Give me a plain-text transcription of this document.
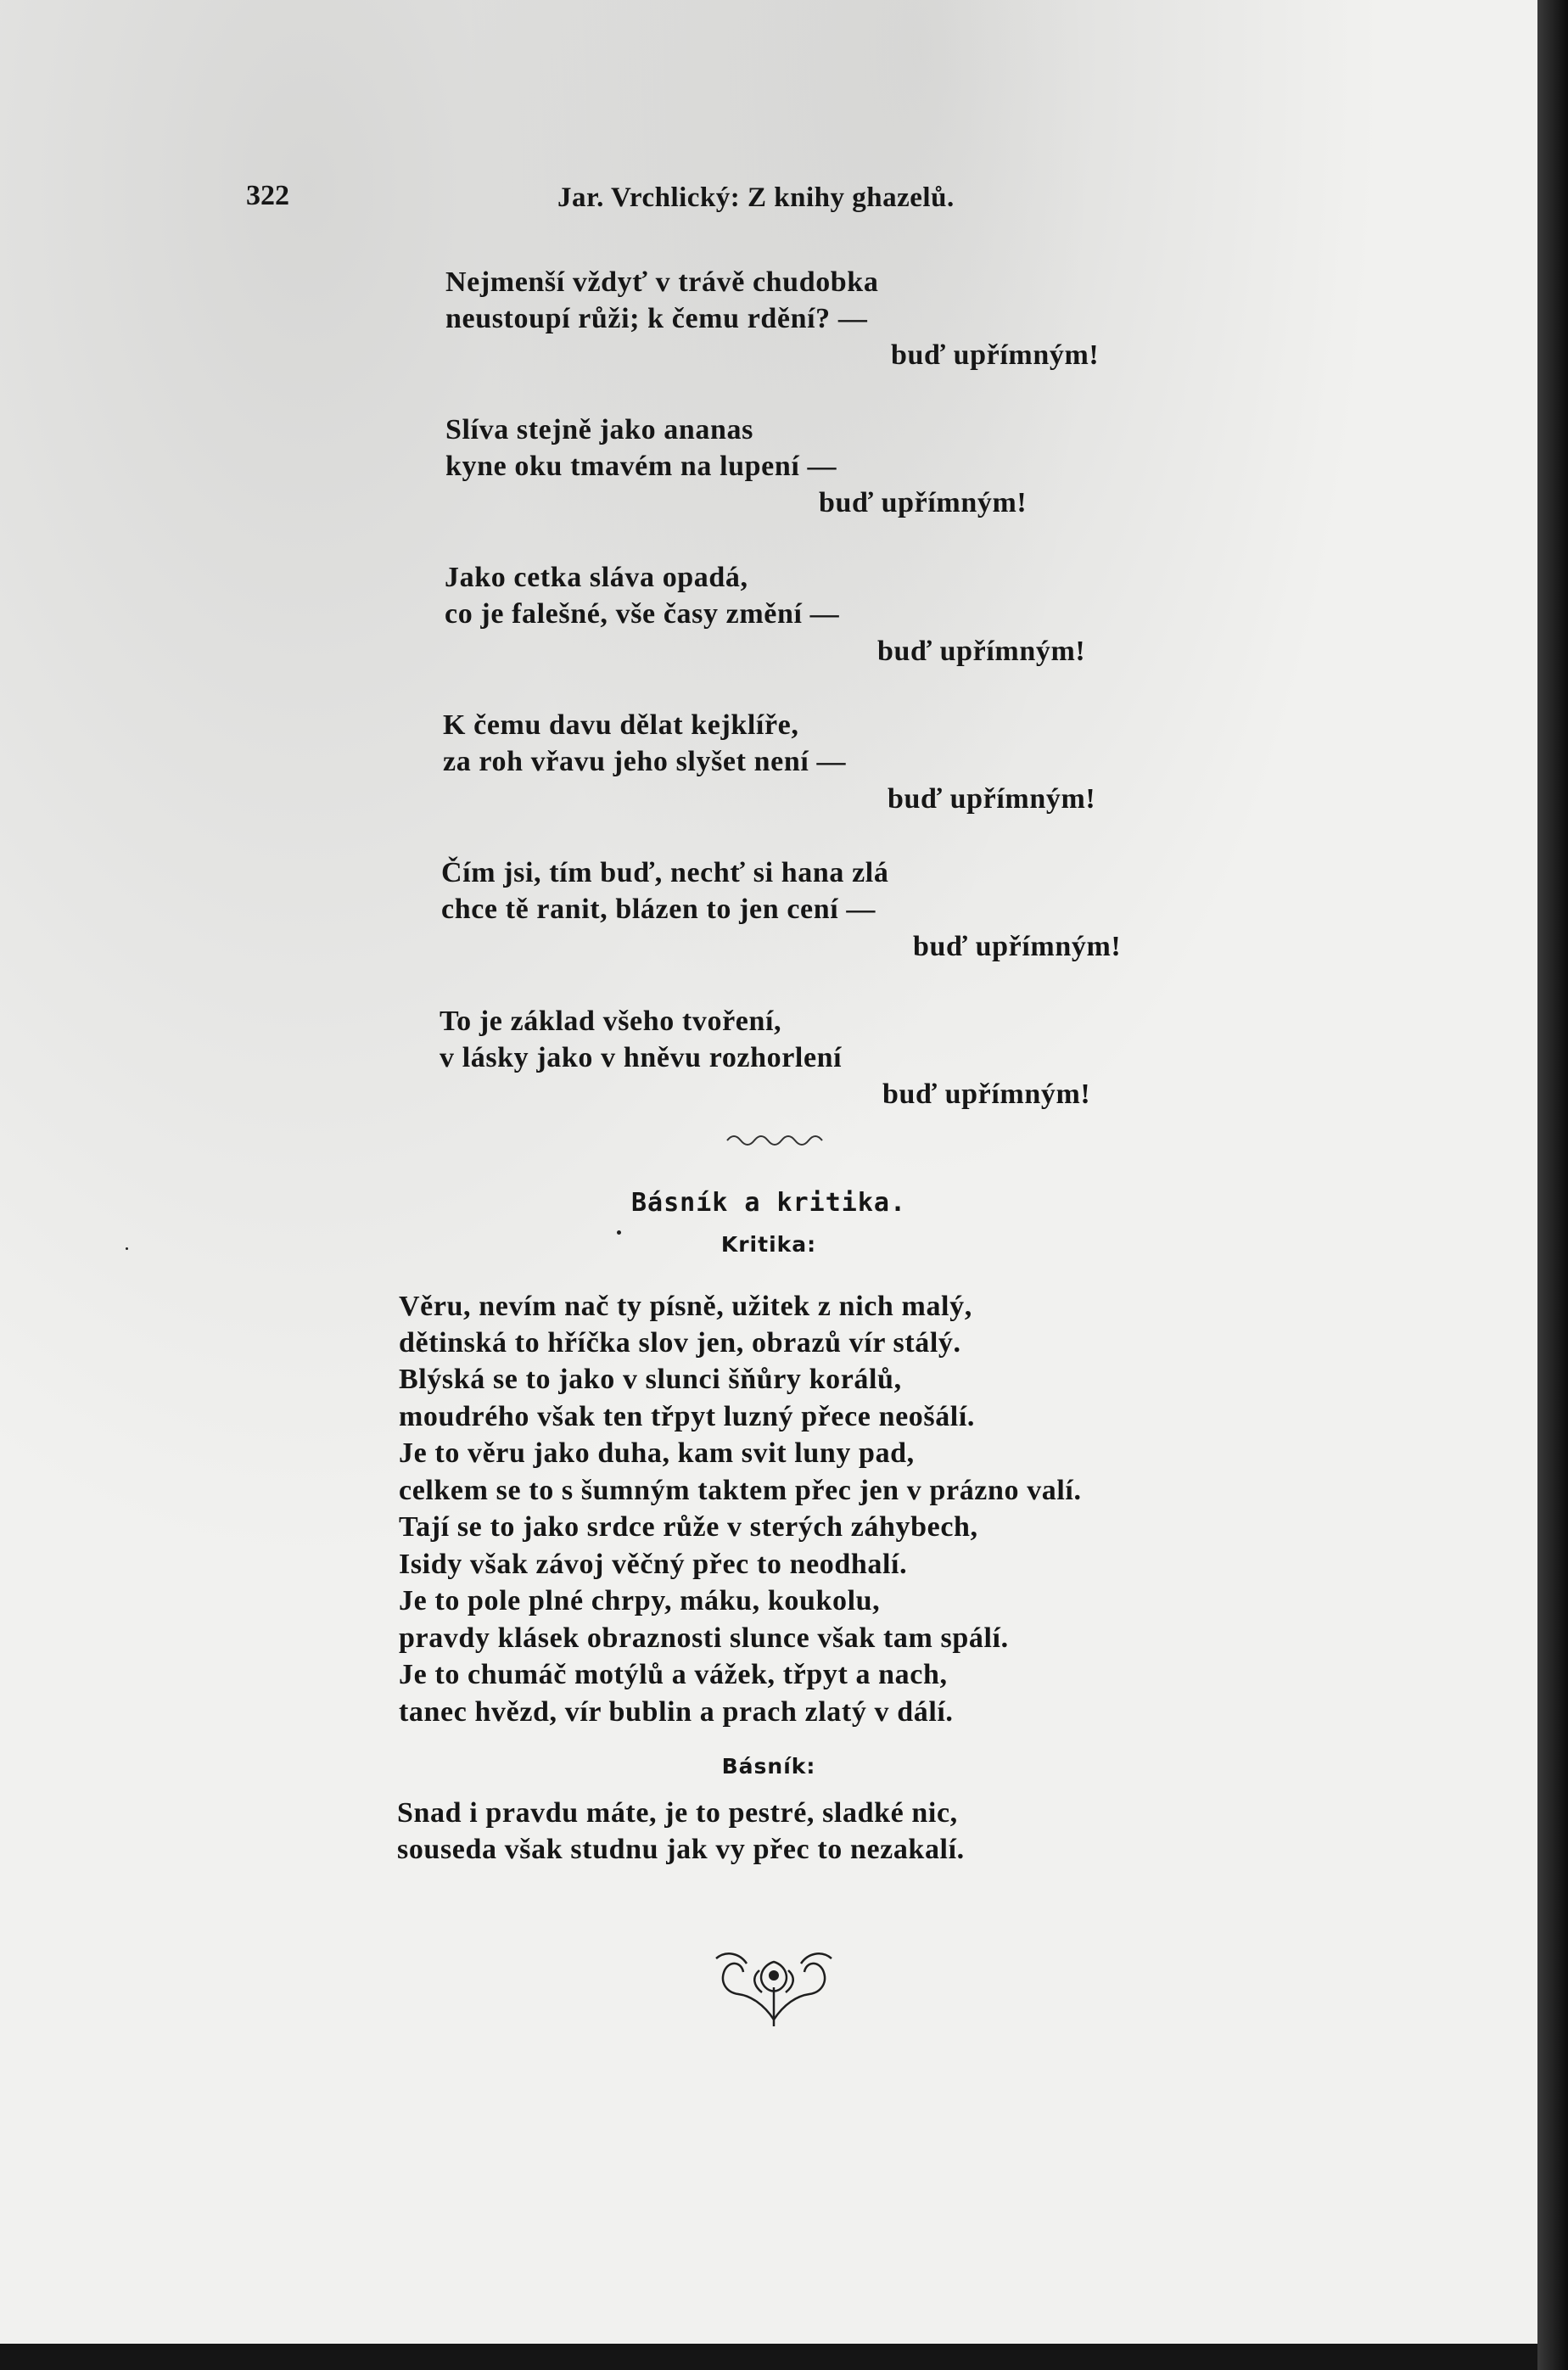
322	Jar. Vrchlický: Z knihy ghazelů.
Nejmenší vždyť v trávě chudobka
neustoupí růži; k čemu rdění? —
buď upřímným!
Slíva stejně jako ananas
kyne oku tmavém na lupení —
buď upřímným!
Jako cetka sláva opadá,
co je falešné, vše časy změní —
buď upřímným!
K čemu davu dělat kejklíře,
za roh vřavu jeho slyšet není —
buď upřímným!
Čím jsi, tím buď, nechť si hana zlá
chce tě ranit, blázen to jen cení —
buď upřímným!
To je základ všeho tvoření,
v lásky jako v hněvu rozhorlení
buď upřímným!
Básník a kritika.
Kritika:
Věru, nevím nač ty písně, užitek z nich malý,
dětinská to hříčka slov jen, obrazů vír stálý.
Blýská se to jako v slunci šňůry korálů,
moudrého však ten třpyt luzný přece neošálí.
Je to věru jako duha, kam svit luny pad,
celkem se to s šumným taktem přec jen v prázno valí.
Tají se to jako srdce růže v sterých záhybech,
Isidy však závoj věčný přec to neodhalí.
Je to pole plné chrpy, máku, koukolu,
pravdy klásek obraznosti slunce však tam spálí.
Je to chumáč motýlů a vážek, třpyt a nach,
tanec hvězd, vír bublin a prach zlatý v dálí.
Básník:
Snad i pravdu máte, je to pestré, sladké nic,
souseda však studnu jak vy přec to nezakalí.
